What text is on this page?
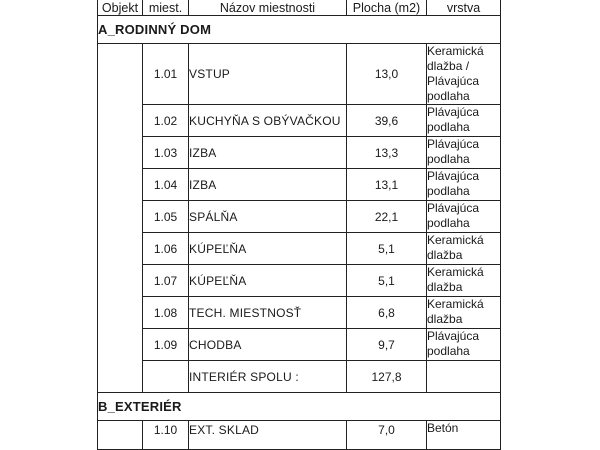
Objekt	miest.	Názov miestnosti	Plocha (m2)	vrstva
A_RODINNÝ DOM				
	1.01	VSTUP	13,0	Keramická dlažba / Plávajúca podlaha
	1.02	KUCHYŇA S OBÝVAČKOU	39,6	Plávajúca podlaha
	1.03	IZBA	13,3	Plávajúca podlaha
	1.04	IZBA	13,1	Plávajúca podlaha
	1.05	SPÁLŇA	22,1	Plávajúca podlaha
	1.06	KÚPEĽŇA	5,1	Keramická dlažba
	1.07	KÚPEĽŇA	5,1	Keramická dlažba
	1.08	TECH. MIESTNOSŤ	6,8	Keramická dlažba
	1.09	CHODBA	9,7	Plávajúca podlaha
		INTERIÉR SPOLU :	127,8	
B_EXTERIÉR				
	1.10	EXT. SKLAD	7,0	Betón
